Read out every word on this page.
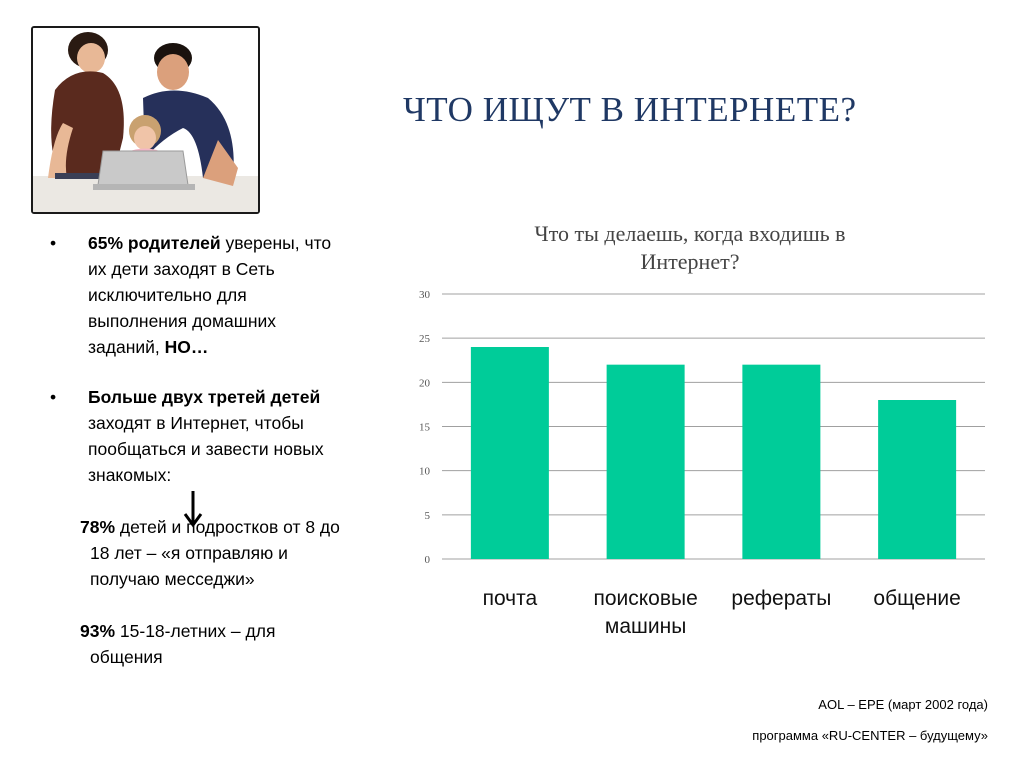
ЧТО ИЩУТ В ИНТЕРНЕТЕ?
• 65% родителей уверены, что
их дети заходят в Сеть
исключительно для
выполнения домашних
заданий, НО…
• Больше двух третей детей
заходят в Интернет, чтобы
пообщаться и завести новых
знакомых:
78% детей и подростков от 8 до
18 лет – «я отправляю и
получаю месседжи»
93% 15-18-летних – для
общения
Что ты делаешь, когда входишь в
Интернет?
0
5
10
15
20
25
30
почта	поисковые
машины
рефераты общение
AOL – EPE (март 2002 года)
программа «RU-CENTER – будущему»
